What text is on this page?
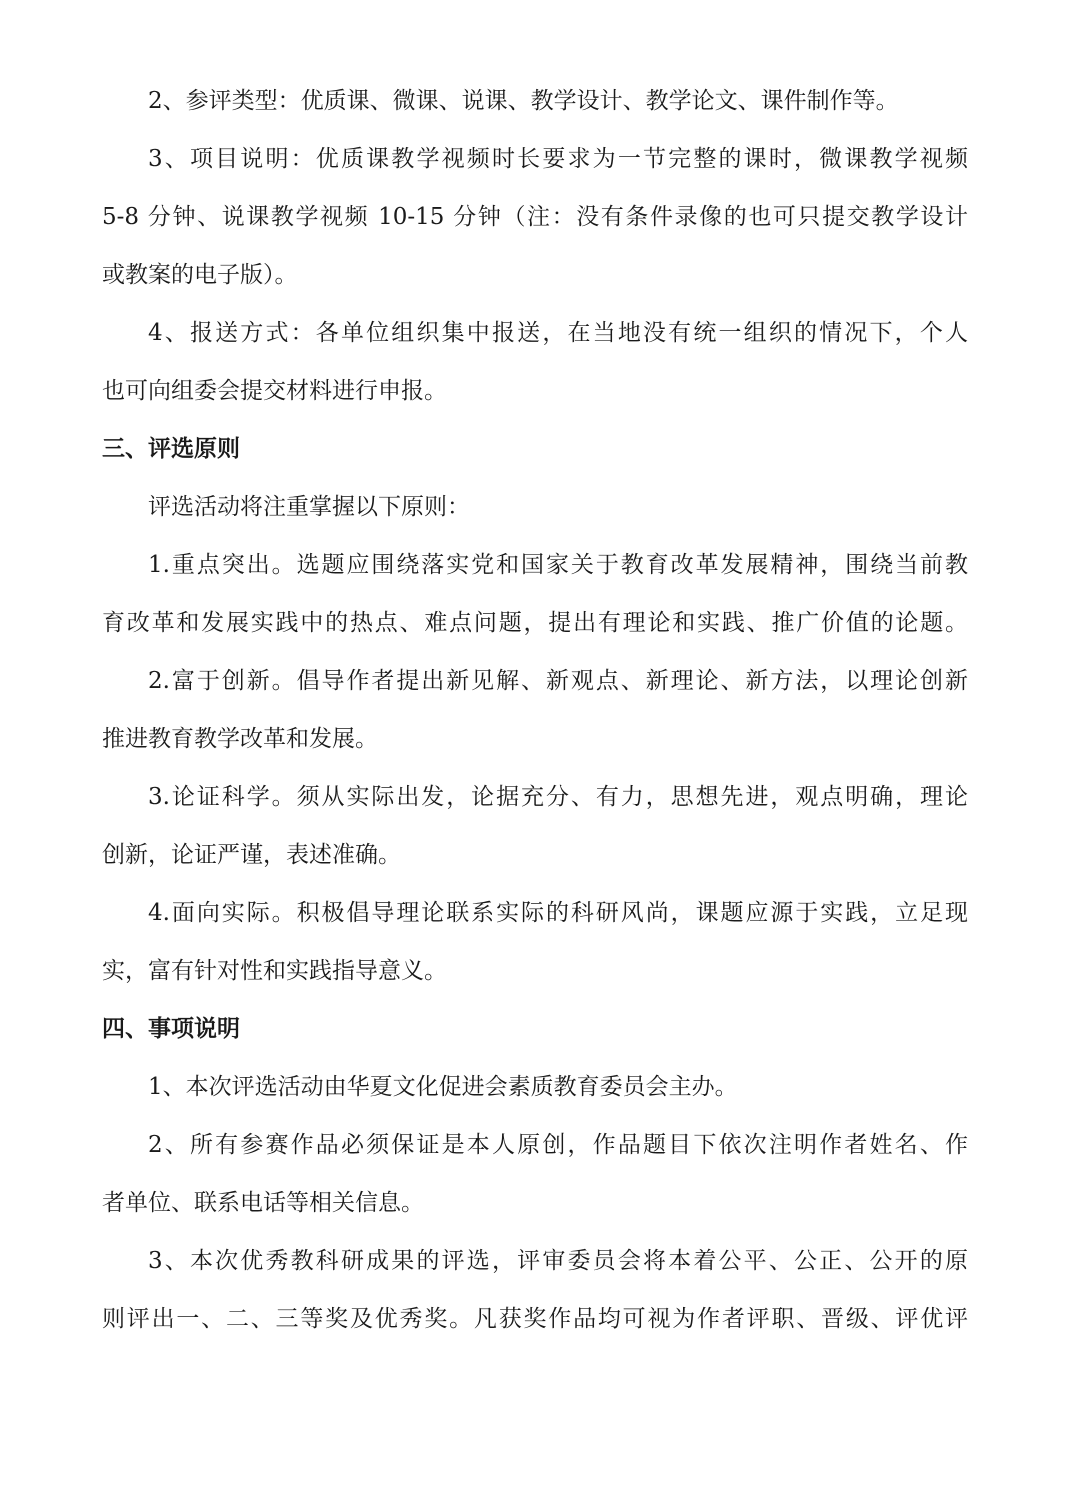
2、参评类型：优质课、微课、说课、教学设计、教学论文、课件制作等。
3、项目说明：优质课教学视频时长要求为一节完整的课时，微课教学视频
5-8 分钟、说课教学视频 10-15 分钟（注：没有条件录像的也可只提交教学设计
或教案的电子版）。
4、报送方式：各单位组织集中报送，在当地没有统一组织的情况下，个人
也可向组委会提交材料进行申报。
三、评选原则
评选活动将注重掌握以下原则：
1.重点突出。选题应围绕落实党和国家关于教育改革发展精神，围绕当前教
育改革和发展实践中的热点、难点问题，提出有理论和实践、推广价值的论题。
2.富于创新。倡导作者提出新见解、新观点、新理论、新方法，以理论创新
推进教育教学改革和发展。
3.论证科学。须从实际出发，论据充分、有力，思想先进，观点明确，理论
创新，论证严谨，表述准确。
4.面向实际。积极倡导理论联系实际的科研风尚，课题应源于实践，立足现
实，富有针对性和实践指导意义。
四、事项说明
1、本次评选活动由华夏文化促进会素质教育委员会主办。
2、所有参赛作品必须保证是本人原创，作品题目下依次注明作者姓名、作
者单位、联系电话等相关信息。
3、本次优秀教科研成果的评选，评审委员会将本着公平、公正、公开的原
则评出一、二、三等奖及优秀奖。凡获奖作品均可视为作者评职、晋级、评优评
